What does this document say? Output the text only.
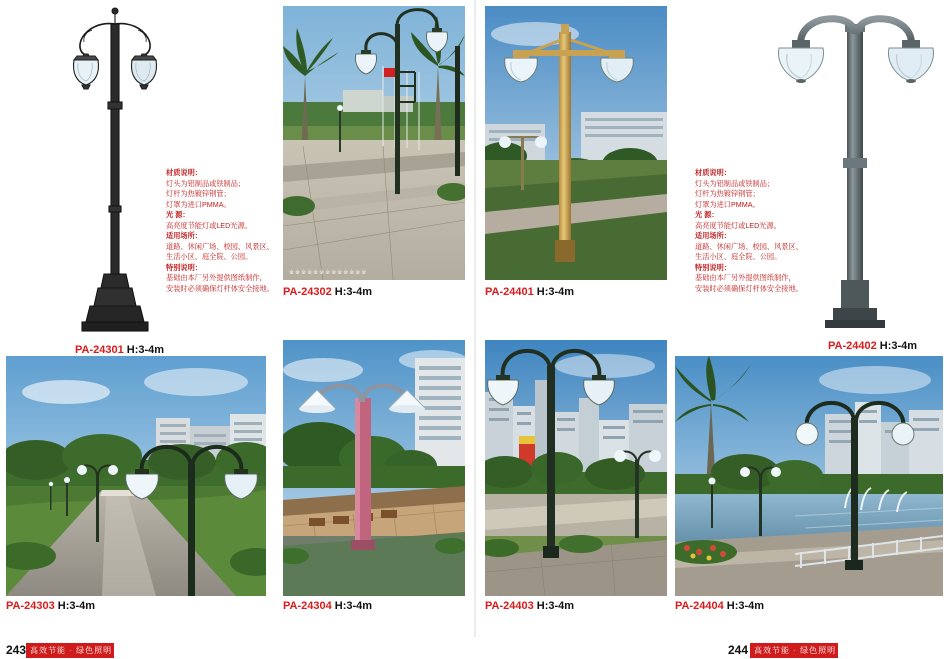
PA-24301 H:3-4m
材质说明：
灯头为铝制品或铁制品；
灯杆为热镀锌钢管；
灯罩为进口PMMA。
光 源：
高亮度节能灯或LED光源。
适用场所：
道路、休闲广场、校园、风景区、
生活小区、庭全院、公园。
特别说明：
基础由本厂另外提供图纸制作，
安装时必须确保灯杆体安全接地。
※※※※※※※※※※※※※
PA-24302 H:3-4m
PA-24303 H:3-4m	PA-24304 H:3-4m
PA-24401 H:3-4m
材质说明：
灯头为铝制品或铁制品；
灯杆为热镀锌钢管；
灯罩为进口PMMA。
光 源：
高亮度节能灯或LED光源。
适用场所：
道路、休闲广场、校园、风景区、
生活小区、庭全院、公园。
特别说明：
基础由本厂另外提供图纸制作，
安装时必须确保灯杆体安全接地。
PA-24402 H:3-4m
PA-24403 H:3-4m	PA-24404 H:3-4m
243 高效节能 · 绿色照明	244 高效节能 · 绿色照明
